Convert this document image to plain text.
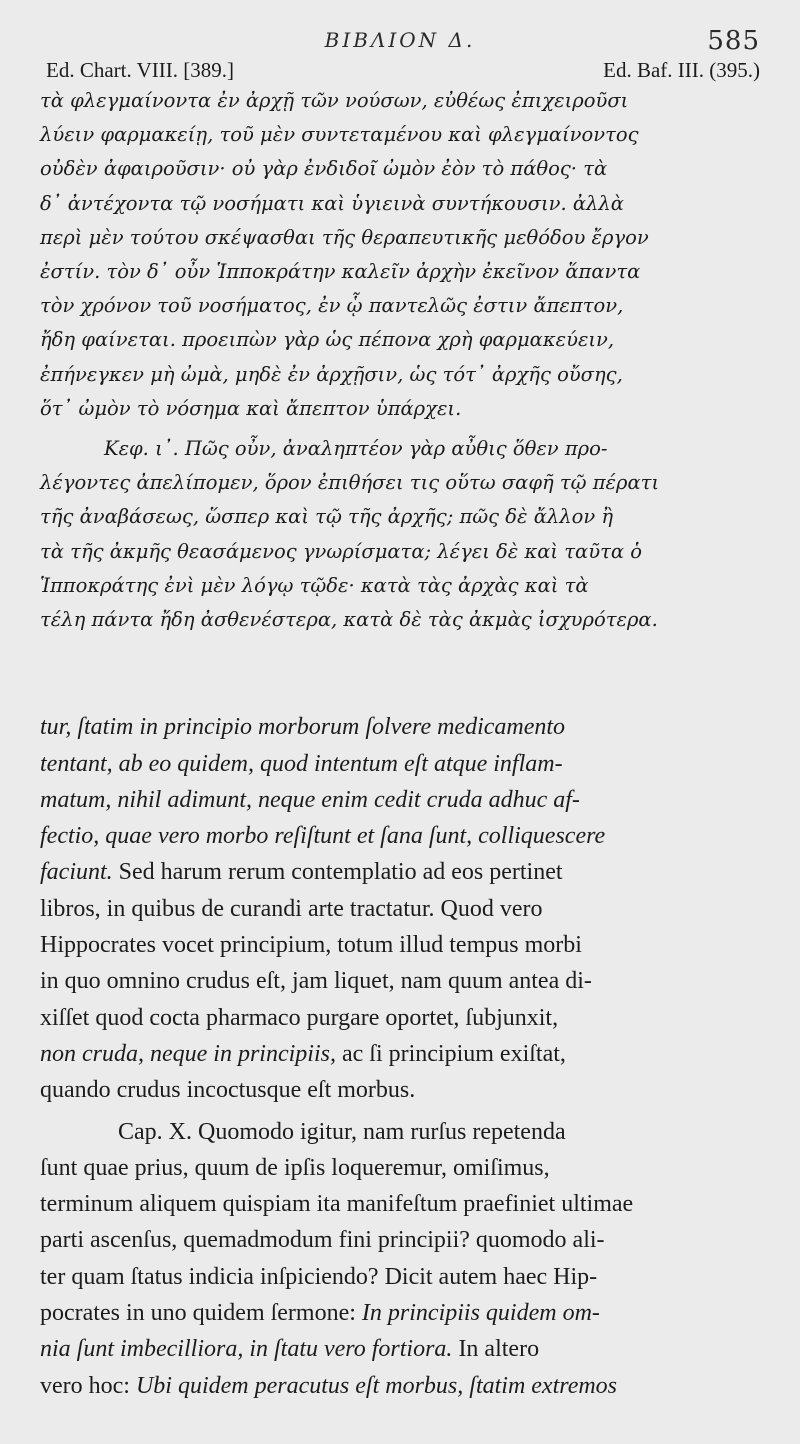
ΒΙΒΛΙΟΝ Δ.	585
Ed. Chart. VIII. [389.]	Ed. Baf. III. (395.)
τὰ φλεγμαίνοντα ἐν ἀρχῇ τῶν νούσων, εὐθέως ἐπιχειροῦσι
λύειν φαρμακείῃ, τοῦ μὲν συντεταμένου καὶ φλεγμαίνοντος
οὐδὲν ἀφαιροῦσιν· οὐ γὰρ ἐνδιδοῖ ὠμὸν ἐὸν τὸ πάθος· τὰ
δ᾽ ἀντέχοντα τῷ νοσήματι καὶ ὑγιεινὰ συντήκουσιν. ἀλλὰ
περὶ μὲν τούτου σκέψασθαι τῆς θεραπευτικῆς μεθόδου ἔργον
ἐστίν. τὸν δ᾽ οὖν Ἱπποκράτην καλεῖν ἀρχὴν ἐκεῖνον ἅπαντα
τὸν χρόνον τοῦ νοσήματος, ἐν ᾧ παντελῶς ἐστιν ἄπεπτον,
ἤδη φαίνεται. προειπὼν γὰρ ὡς πέπονα χρὴ φαρμακεύειν,
ἐπήνεγκεν μὴ ὠμὰ, μηδὲ ἐν ἀρχῇσιν, ὡς τότ᾽ ἀρχῆς οὔσης,
ὅτ᾽ ὠμὸν τὸ νόσημα καὶ ἄπεπτον ὑπάρχει.
Κεφ. ι᾽. Πῶς οὖν, ἀναληπτέον γὰρ αὖθις ὅθεν προ-
λέγοντες ἀπελίπομεν, ὅρον ἐπιθήσει τις οὕτω σαφῆ τῷ πέρατι
τῆς ἀναβάσεως, ὥσπερ καὶ τῷ τῆς ἀρχῆς; πῶς δὲ ἄλλον ἢ
τὰ τῆς ἀκμῆς θεασάμενος γνωρίσματα; λέγει δὲ καὶ ταῦτα ὁ
Ἱπποκράτης ἐνὶ μὲν λόγῳ τῷδε· κατὰ τὰς ἀρχὰς καὶ τὰ
τέλη πάντα ἤδη ἀσθενέστερα, κατὰ δὲ τὰς ἀκμὰς ἰσχυρότερα.
tur, ſtatim in principio morborum ſolvere medicamento
tentant, ab eo quidem, quod intentum eſt atque inflam-
matum, nihil adimunt, neque enim cedit cruda adhuc af-
fectio, quae vero morbo reſiſtunt et ſana ſunt, colliquescere
faciunt. Sed harum rerum contemplatio ad eos pertinet
libros, in quibus de curandi arte tractatur. Quod vero
Hippocrates vocet principium, totum illud tempus morbi
in quo omnino crudus eſt, jam liquet, nam quum antea di-
xiſſet quod cocta pharmaco purgare oportet, ſubjunxit,
non cruda, neque in principiis, ac ſi principium exiſtat,
quando crudus incoctusque eſt morbus.
Cap. X. Quomodo igitur, nam rurſus repetenda
ſunt quae prius, quum de ipſis loqueremur, omiſimus,
terminum aliquem quispiam ita manifeſtum praefiniet ultimae
parti ascenſus, quemadmodum fini principii? quomodo ali-
ter quam ſtatus indicia inſpiciendo? Dicit autem haec Hip-
pocrates in uno quidem ſermone: In principiis quidem om-
nia ſunt imbecilliora, in ſtatu vero fortiora. In altero
vero hoc: Ubi quidem peracutus eſt morbus, ſtatim extremos
